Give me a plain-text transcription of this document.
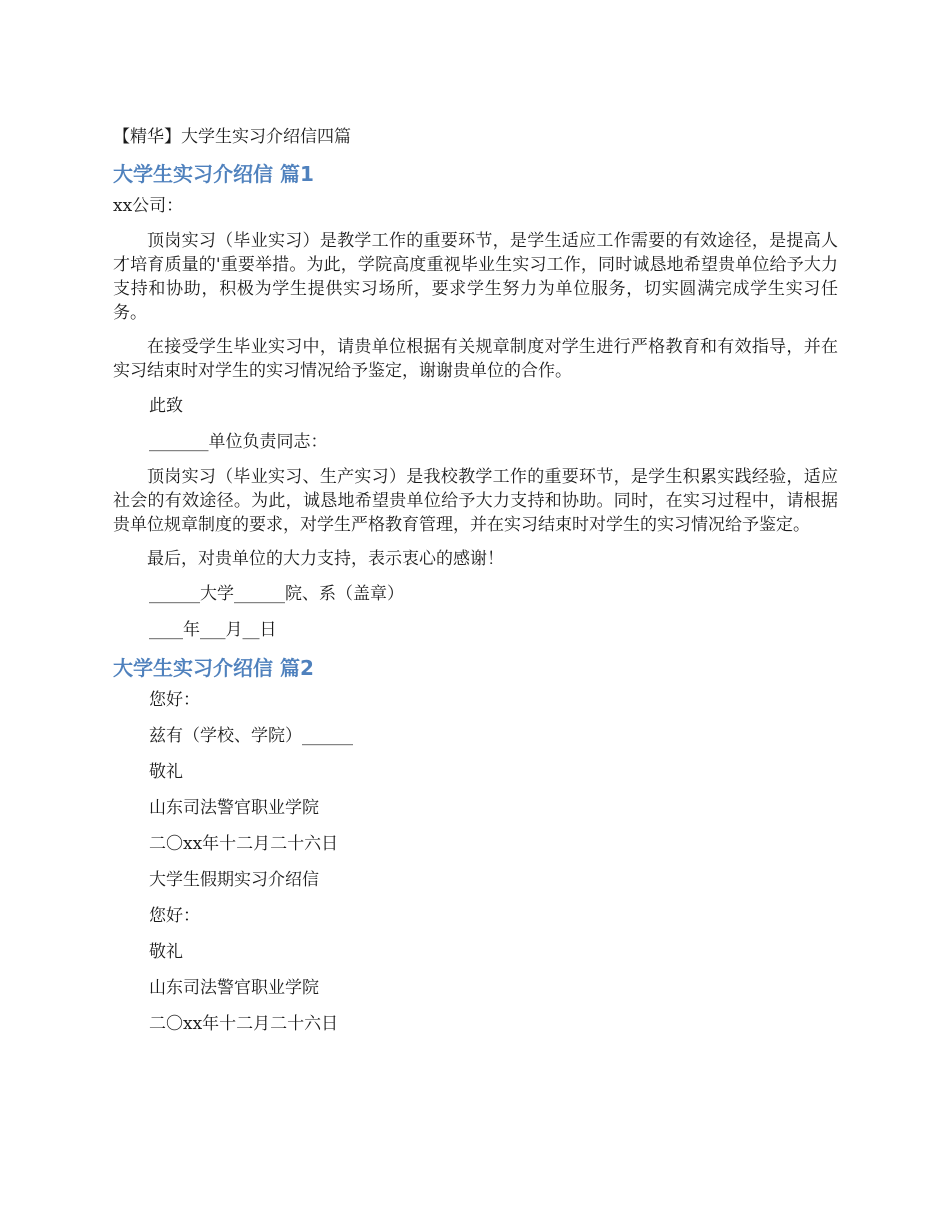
【精华】大学生实习介绍信四篇
大学生实习介绍信 篇1
xx公司：

顶岗实习（毕业实习）是教学工作的重要环节，是学生适应工作需要的有效途径，是提高人才培育质量的'重要举措。为此，学院高度重视毕业生实习工作，同时诚恳地希望贵单位给予大力支持和协助，积极为学生提供实习场所，要求学生努力为单位服务，切实圆满完成学生实习任务。

在接受学生毕业实习中，请贵单位根据有关规章制度对学生进行严格教育和有效指导，并在实习结束时对学生的实习情况给予鉴定，谢谢贵单位的合作。

此致
_______单位负责同志：

顶岗实习（毕业实习、生产实习）是我校教学工作的重要环节，是学生积累实践经验，适应社会的有效途径。为此，诚恳地希望贵单位给予大力支持和协助。同时，在实习过程中，请根据贵单位规章制度的要求，对学生严格教育管理，并在实习结束时对学生的实习情况给予鉴定。

最后，对贵单位的大力支持，表示衷心的感谢！

______大学______院、系（盖章）
____年___月__日
大学生实习介绍信 篇2
您好：
兹有（学校、学院）______
敬礼
山东司法警官职业学院
二〇xx年十二月二十六日
大学生假期实习介绍信
您好：
敬礼
山东司法警官职业学院
二〇xx年十二月二十六日
